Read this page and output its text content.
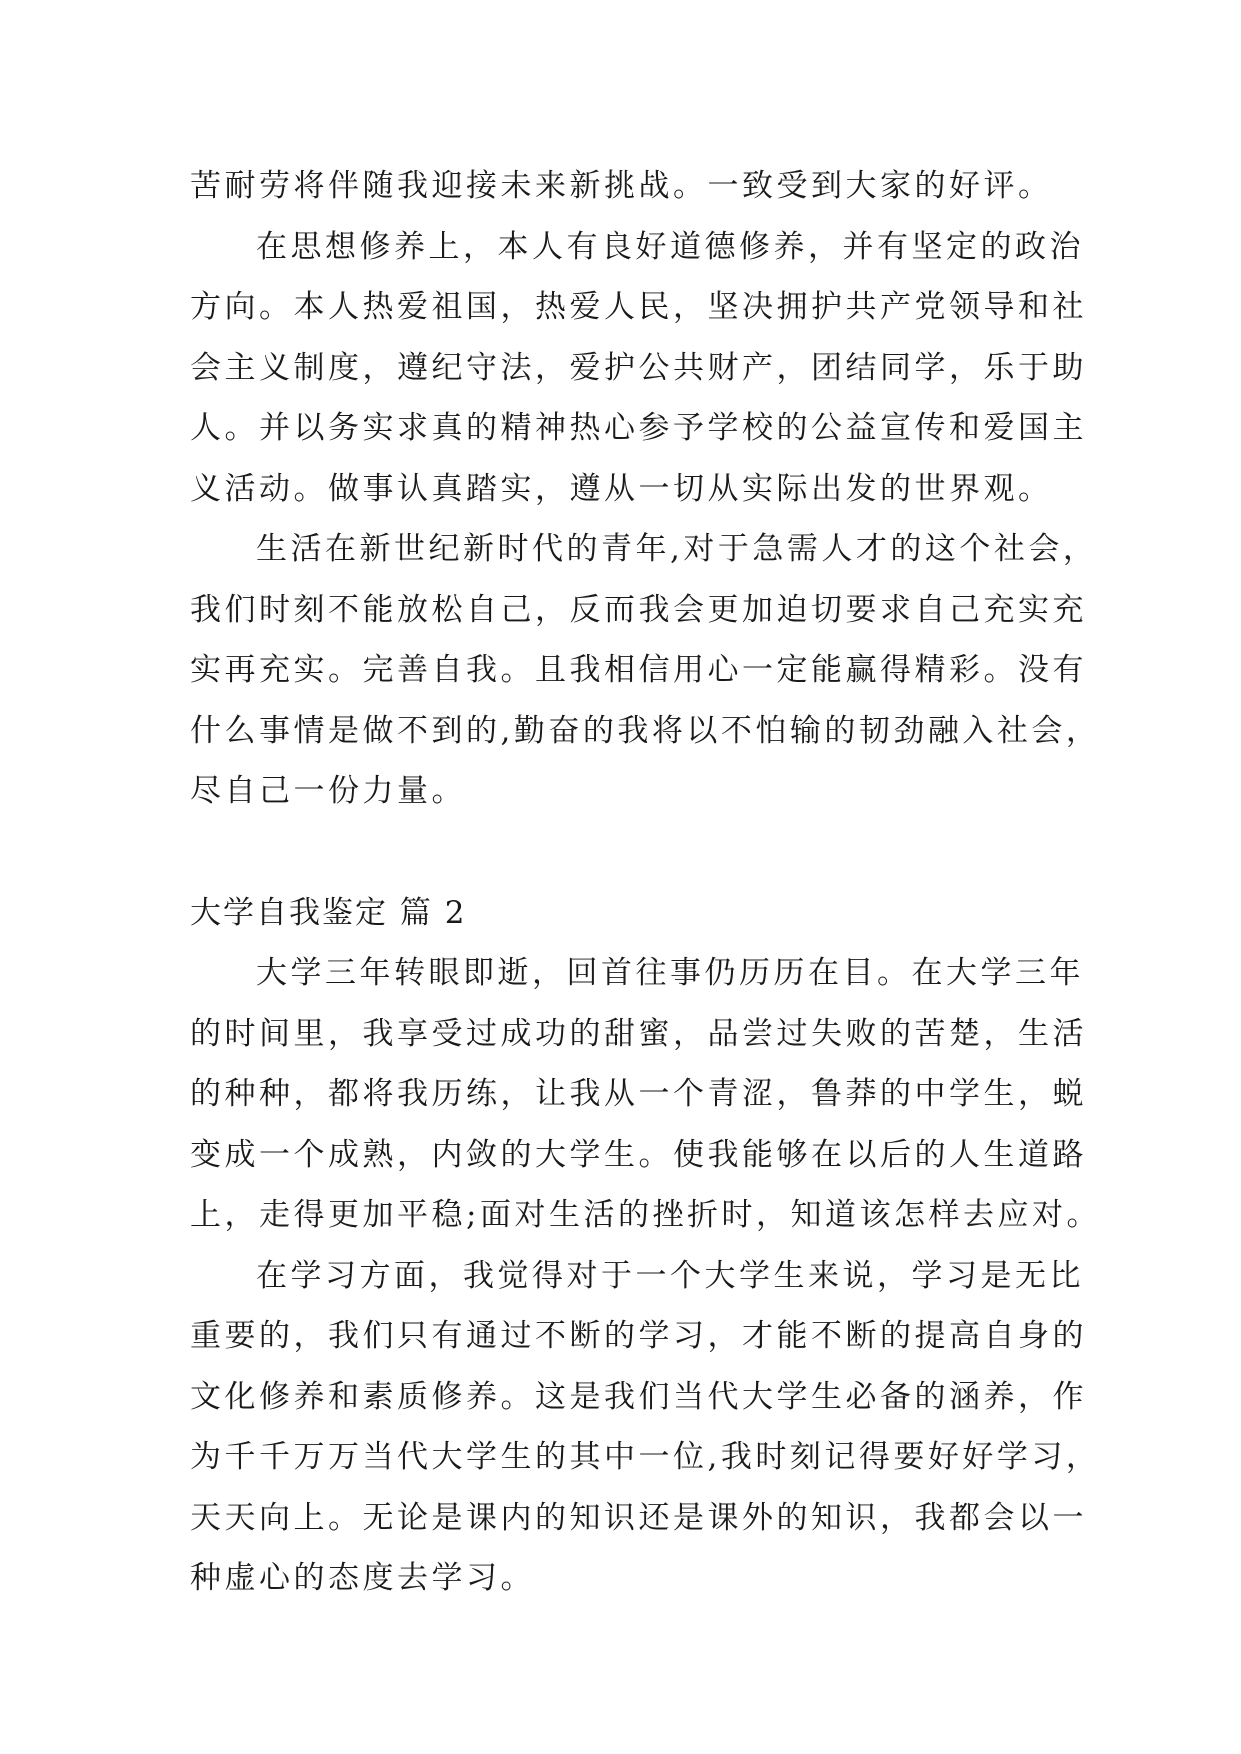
苦耐劳将伴随我迎接未来新挑战。一致受到大家的好评。
在思想修养上，本人有良好道德修养，并有坚定的政治
方向。本人热爱祖国，热爱人民，坚决拥护共产党领导和社
会主义制度，遵纪守法，爱护公共财产，团结同学，乐于助
人。并以务实求真的精神热心参予学校的公益宣传和爱国主
义活动。做事认真踏实，遵从一切从实际出发的世界观。
生活在新世纪新时代的青年,对于急需人才的这个社会，
我们时刻不能放松自己，反而我会更加迫切要求自己充实充
实再充实。完善自我。且我相信用心一定能赢得精彩。没有
什么事情是做不到的,勤奋的我将以不怕输的韧劲融入社会，
尽自己一份力量。
大学自我鉴定 篇 2
大学三年转眼即逝，回首往事仍历历在目。在大学三年
的时间里，我享受过成功的甜蜜，品尝过失败的苦楚，生活
的种种，都将我历练，让我从一个青涩，鲁莽的中学生，蜕
变成一个成熟，内敛的大学生。使我能够在以后的人生道路
上，走得更加平稳;面对生活的挫折时，知道该怎样去应对。
在学习方面，我觉得对于一个大学生来说，学习是无比
重要的，我们只有通过不断的学习，才能不断的提高自身的
文化修养和素质修养。这是我们当代大学生必备的涵养，作
为千千万万当代大学生的其中一位,我时刻记得要好好学习，
天天向上。无论是课内的知识还是课外的知识，我都会以一
种虚心的态度去学习。
